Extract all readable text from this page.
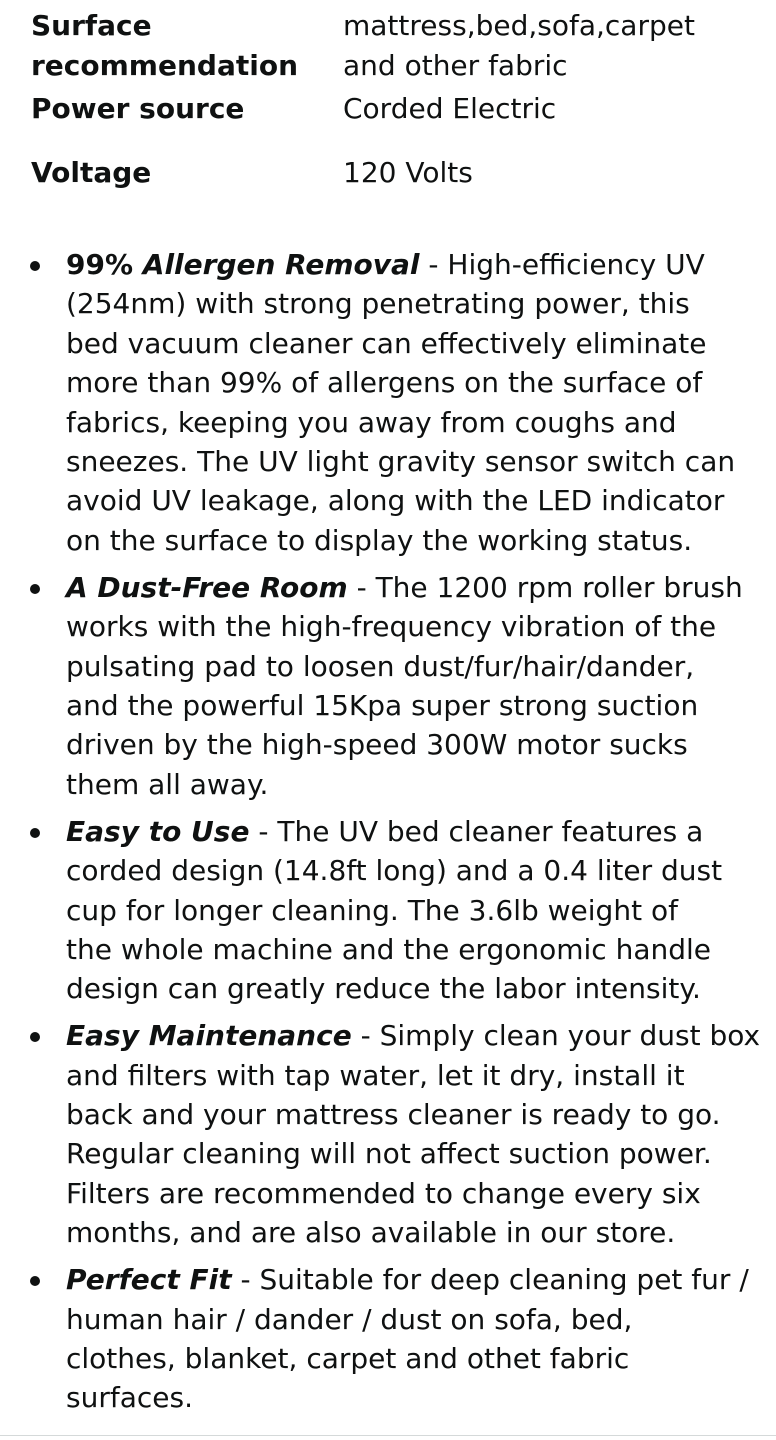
Surface
recommendation
mattress,bed,sofa,carpet
and other fabric
Power source	Corded Electric
Voltage	120 Volts
99% Allergen Removal - High-efficiency UV
(254nm) with strong penetrating power, this
bed vacuum cleaner can effectively eliminate
more than 99% of allergens on the surface of
fabrics, keeping you away from coughs and
sneezes. The UV light gravity sensor switch can
avoid UV leakage, along with the LED indicator
on the surface to display the working status.
A Dust-Free Room - The 1200 rpm roller brush
works with the high-frequency vibration of the
pulsating pad to loosen dust/fur/hair/dander,
and the powerful 15Kpa super strong suction
driven by the high-speed 300W motor sucks
them all away.
Easy to Use - The UV bed cleaner features a
corded design (14.8ft long) and a 0.4 liter dust
cup for longer cleaning. The 3.6lb weight of
the whole machine and the ergonomic handle
design can greatly reduce the labor intensity.
Easy Maintenance - Simply clean your dust box
and filters with tap water, let it dry, install it
back and your mattress cleaner is ready to go.
Regular cleaning will not affect suction power.
Filters are recommended to change every six
months, and are also available in our store.
Perfect Fit - Suitable for deep cleaning pet fur /
human hair / dander / dust on sofa, bed,
clothes, blanket, carpet and othet fabric
surfaces.
